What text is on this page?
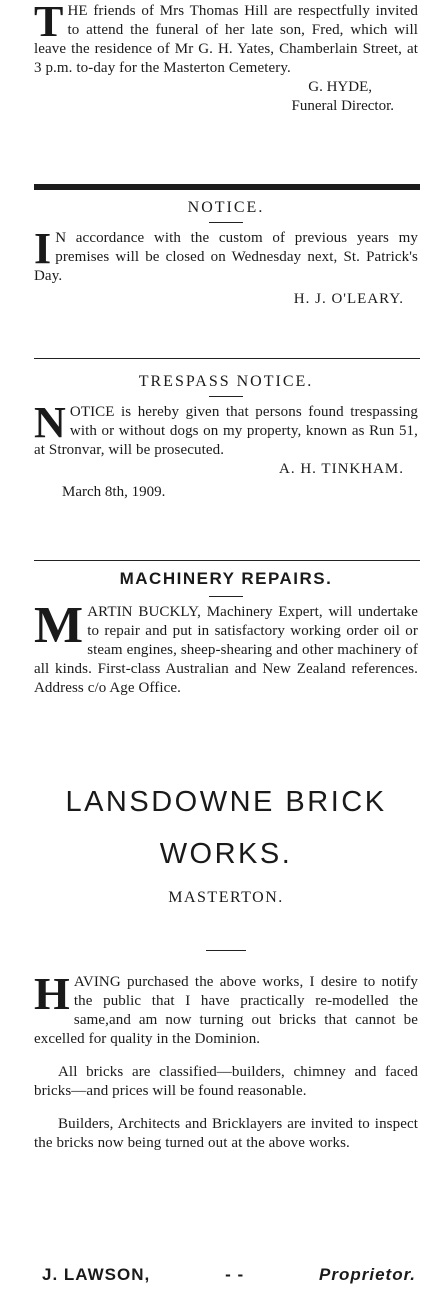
THE friends of Mrs Thomas Hill are respectfully invited to attend the funeral of her late son, Fred, which will leave the residence of Mr G. H. Yates, Chamberlain Street, at 3 p.m. to-day for the Masterton Cemetery.
G. HYDE,
Funeral Director.
NOTICE.
I N accordance with the custom of previous years my premises will be closed on Wednesday next, St. Patrick's Day.
H. J. O'LEARY.
TRESPASS NOTICE.
NOTICE is hereby given that persons found trespassing with or without dogs on my property, known as Run 51, at Stronvar, will be prosecuted.
A. H. TINKHAM.
March 8th, 1909.
MACHINERY REPAIRS.
MARTIN BUCKLY, Machinery Expert, will undertake to repair and put in satisfactory working order oil or steam engines, sheep-shearing and other machinery of all kinds. First-class Australian and New Zealand references. Address c/o Age Office.
LANSDOWNE BRICK
WORKS.
MASTERTON.
HAVING purchased the above works, I desire to notify the public that I have practically re-modelled the same,and am now turning out bricks that cannot be excelled for quality in the Dominion.
All bricks are classified—builders, chimney and faced bricks—and prices will be found reasonable.
Builders, Architects and Bricklayers are invited to inspect the bricks now being turned out at the above works.
J. LAWSON,	- -	Proprietor.
